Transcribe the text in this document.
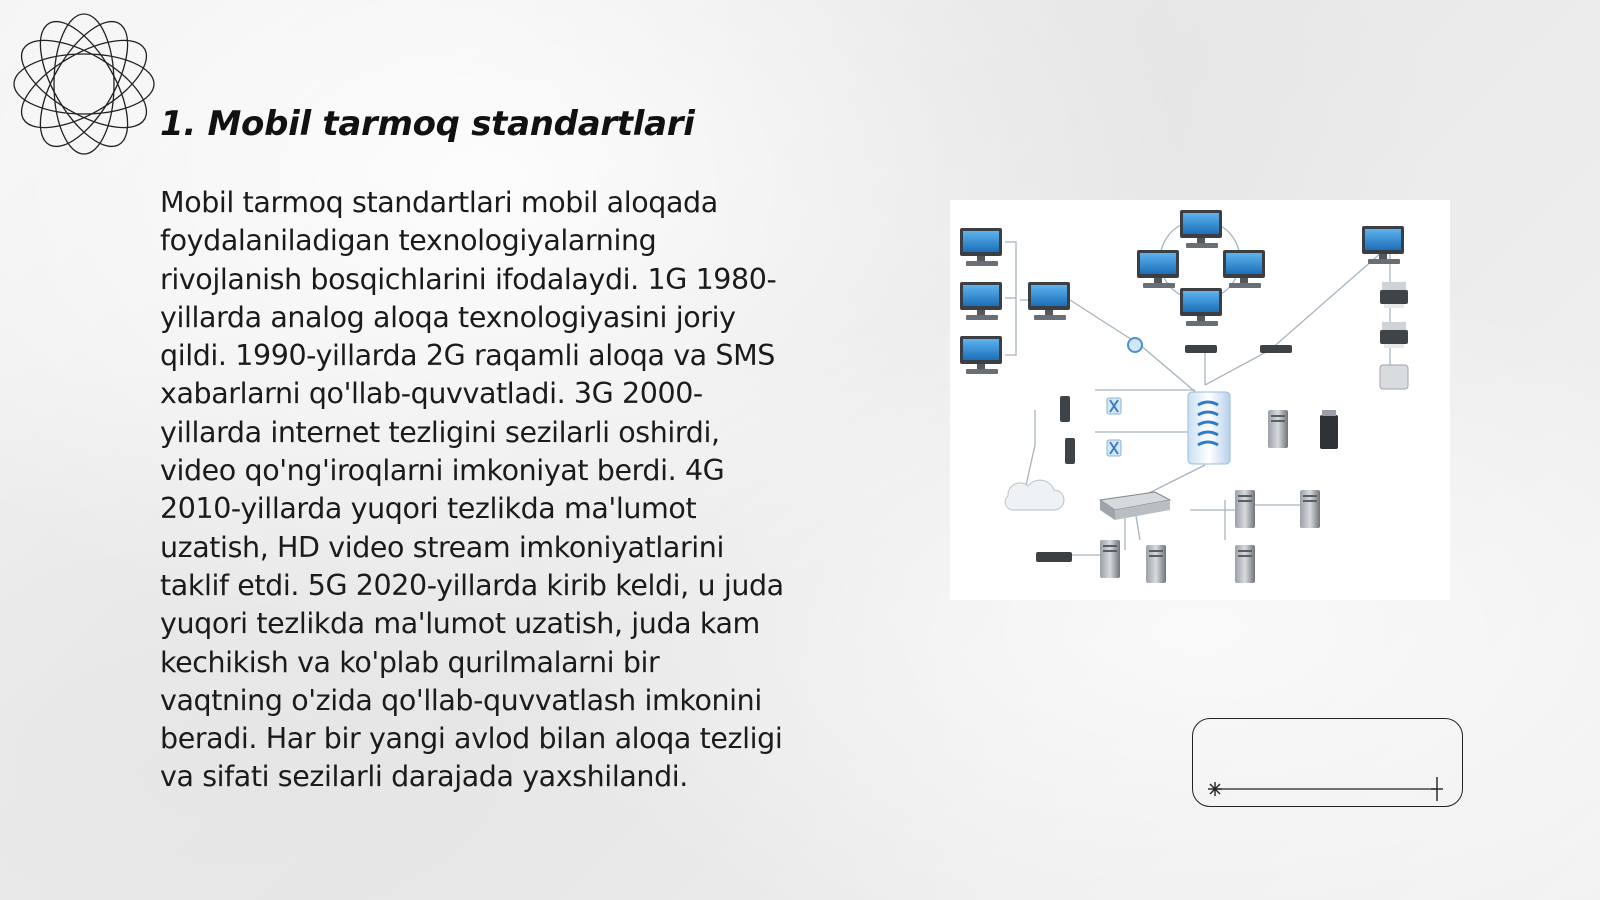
1. Mobil tarmoq standartlari

Mobil tarmoq standartlari mobil aloqada
foydalaniladigan texnologiyalarning
rivojlanish bosqichlarini ifodalaydi. 1G 1980-
yillarda analog aloqa texnologiyasini joriy
qildi. 1990-yillarda 2G raqamli aloqa va SMS
xabarlarni qo'llab-quvvatladi. 3G 2000-
yillarda internet tezligini sezilarli oshirdi,
video qo'ng'iroqlarni imkoniyat berdi. 4G
2010-yillarda yuqori tezlikda ma'lumot
uzatish, HD video stream imkoniyatlarini
taklif etdi. 5G 2020-yillarda kirib keldi, u juda
yuqori tezlikda ma'lumot uzatish, juda kam
kechikish va ko'plab qurilmalarni bir
vaqtning o'zida qo'llab-quvvatlash imkonini
beradi. Har bir yangi avlod bilan aloqa tezligi
va sifati sezilarli darajada yaxshilandi.
